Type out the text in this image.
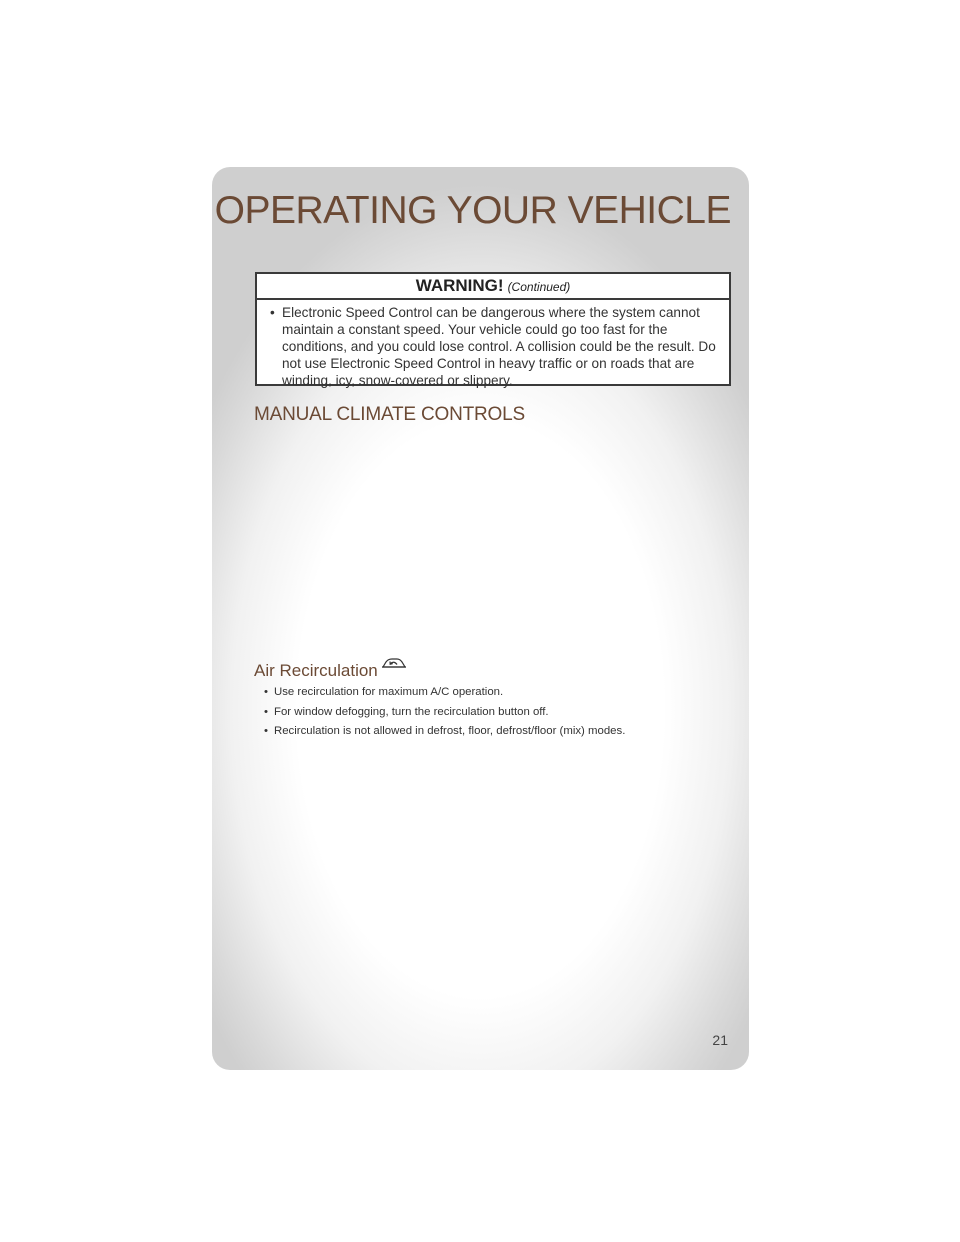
OPERATING YOUR VEHICLE
WARNING! (Continued)
• Electronic Speed Control can be dangerous where the system cannot maintain a constant speed. Your vehicle could go too fast for the conditions, and you could lose control. A collision could be the result. Do not use Electronic Speed Control in heavy traffic or on roads that are winding, icy, snow-covered or slippery.
MANUAL CLIMATE CONTROLS
Air Recirculation
• Use recirculation for maximum A/C operation.
• For window defogging, turn the recirculation button off.
• Recirculation is not allowed in defrost, floor, defrost/floor (mix) modes.
21
